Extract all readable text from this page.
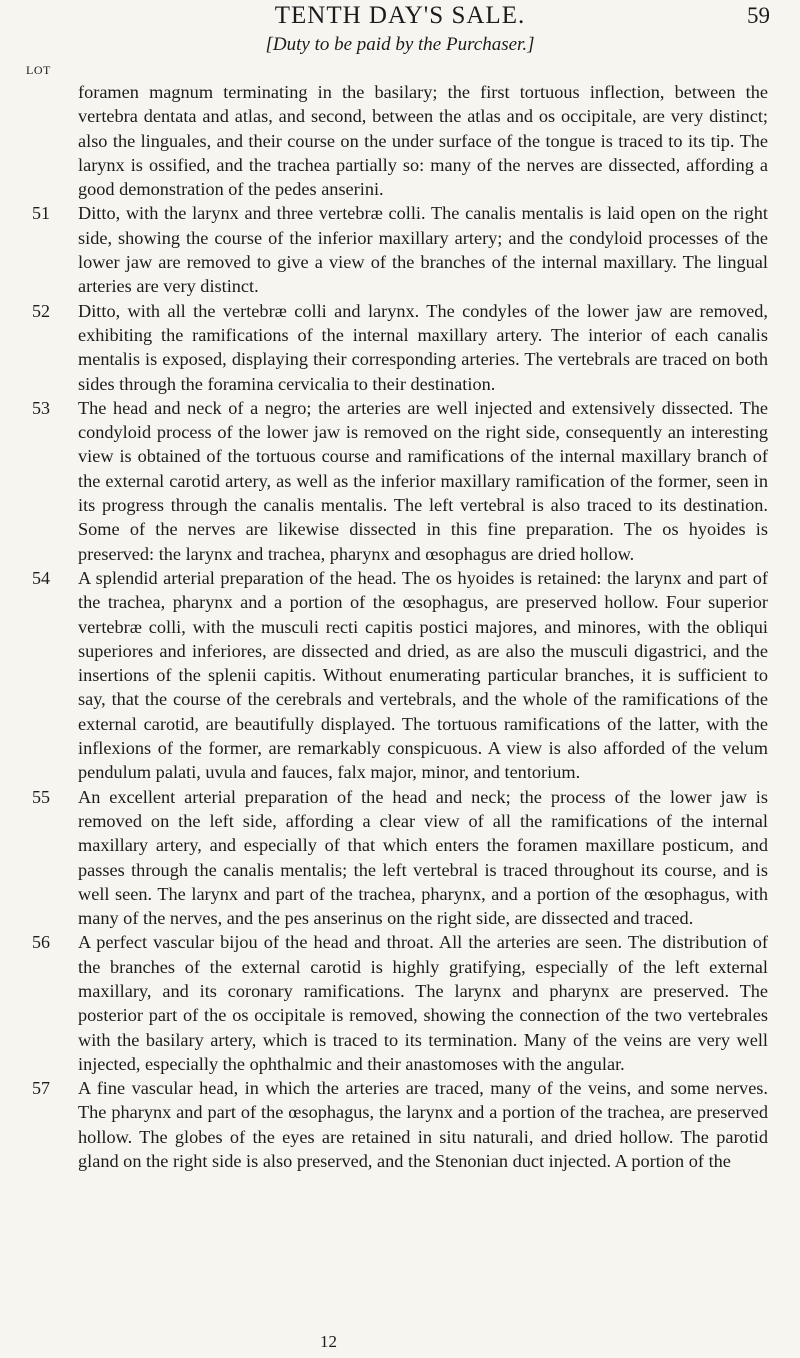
TENTH DAY'S SALE.	59
[Duty to be paid by the Purchaser.]
LOT
foramen magnum terminating in the basilary; the first tortuous inflection, between the vertebra dentata and atlas, and second, between the atlas and os occipitale, are very distinct; also the linguales, and their course on the under surface of the tongue is traced to its tip. The larynx is ossified, and the trachea partially so: many of the nerves are dissected, affording a good demonstration of the pedes anserini.
51 Ditto, with the larynx and three vertebræ colli. The canalis mentalis is laid open on the right side, showing the course of the inferior maxillary artery; and the condyloid processes of the lower jaw are removed to give a view of the branches of the internal maxillary. The lingual arteries are very distinct.
52 Ditto, with all the vertebræ colli and larynx. The condyles of the lower jaw are removed, exhibiting the ramifications of the internal maxillary artery. The interior of each canalis mentalis is exposed, displaying their corresponding arteries. The vertebrals are traced on both sides through the foramina cervicalia to their destination.
53 The head and neck of a negro; the arteries are well injected and extensively dissected. The condyloid process of the lower jaw is removed on the right side, consequently an interesting view is obtained of the tortuous course and ramifications of the internal maxillary branch of the external carotid artery, as well as the inferior maxillary ramification of the former, seen in its progress through the canalis mentalis. The left vertebral is also traced to its destination. Some of the nerves are likewise dissected in this fine preparation. The os hyoides is preserved: the larynx and trachea, pharynx and œsophagus are dried hollow.
54 A splendid arterial preparation of the head. The os hyoides is retained: the larynx and part of the trachea, pharynx and a portion of the œsophagus, are preserved hollow. Four superior vertebræ colli, with the musculi recti capitis postici majores, and minores, with the obliqui superiores and inferiores, are dissected and dried, as are also the musculi digastrici, and the insertions of the splenii capitis. Without enumerating particular branches, it is sufficient to say, that the course of the cerebrals and vertebrals, and the whole of the ramifications of the external carotid, are beautifully displayed. The tortuous ramifications of the latter, with the inflexions of the former, are remarkably conspicuous. A view is also afforded of the velum pendulum palati, uvula and fauces, falx major, minor, and tentorium.
55 An excellent arterial preparation of the head and neck; the process of the lower jaw is removed on the left side, affording a clear view of all the ramifications of the internal maxillary artery, and especially of that which enters the foramen maxillare posticum, and passes through the canalis mentalis; the left vertebral is traced throughout its course, and is well seen. The larynx and part of the trachea, pharynx, and a portion of the œsophagus, with many of the nerves, and the pes anserinus on the right side, are dissected and traced.
56 A perfect vascular bijou of the head and throat. All the arteries are seen. The distribution of the branches of the external carotid is highly gratifying, especially of the left external maxillary, and its coronary ramifications. The larynx and pharynx are preserved. The posterior part of the os occipitale is removed, showing the connection of the two vertebrales with the basilary artery, which is traced to its termination. Many of the veins are very well injected, especially the ophthalmic and their anastomoses with the angular.
57 A fine vascular head, in which the arteries are traced, many of the veins, and some nerves. The pharynx and part of the œsophagus, the larynx and a portion of the trachea, are preserved hollow. The globes of the eyes are retained in situ naturali, and dried hollow. The parotid gland on the right side is also preserved, and the Stenonian duct injected. A portion of the
12
